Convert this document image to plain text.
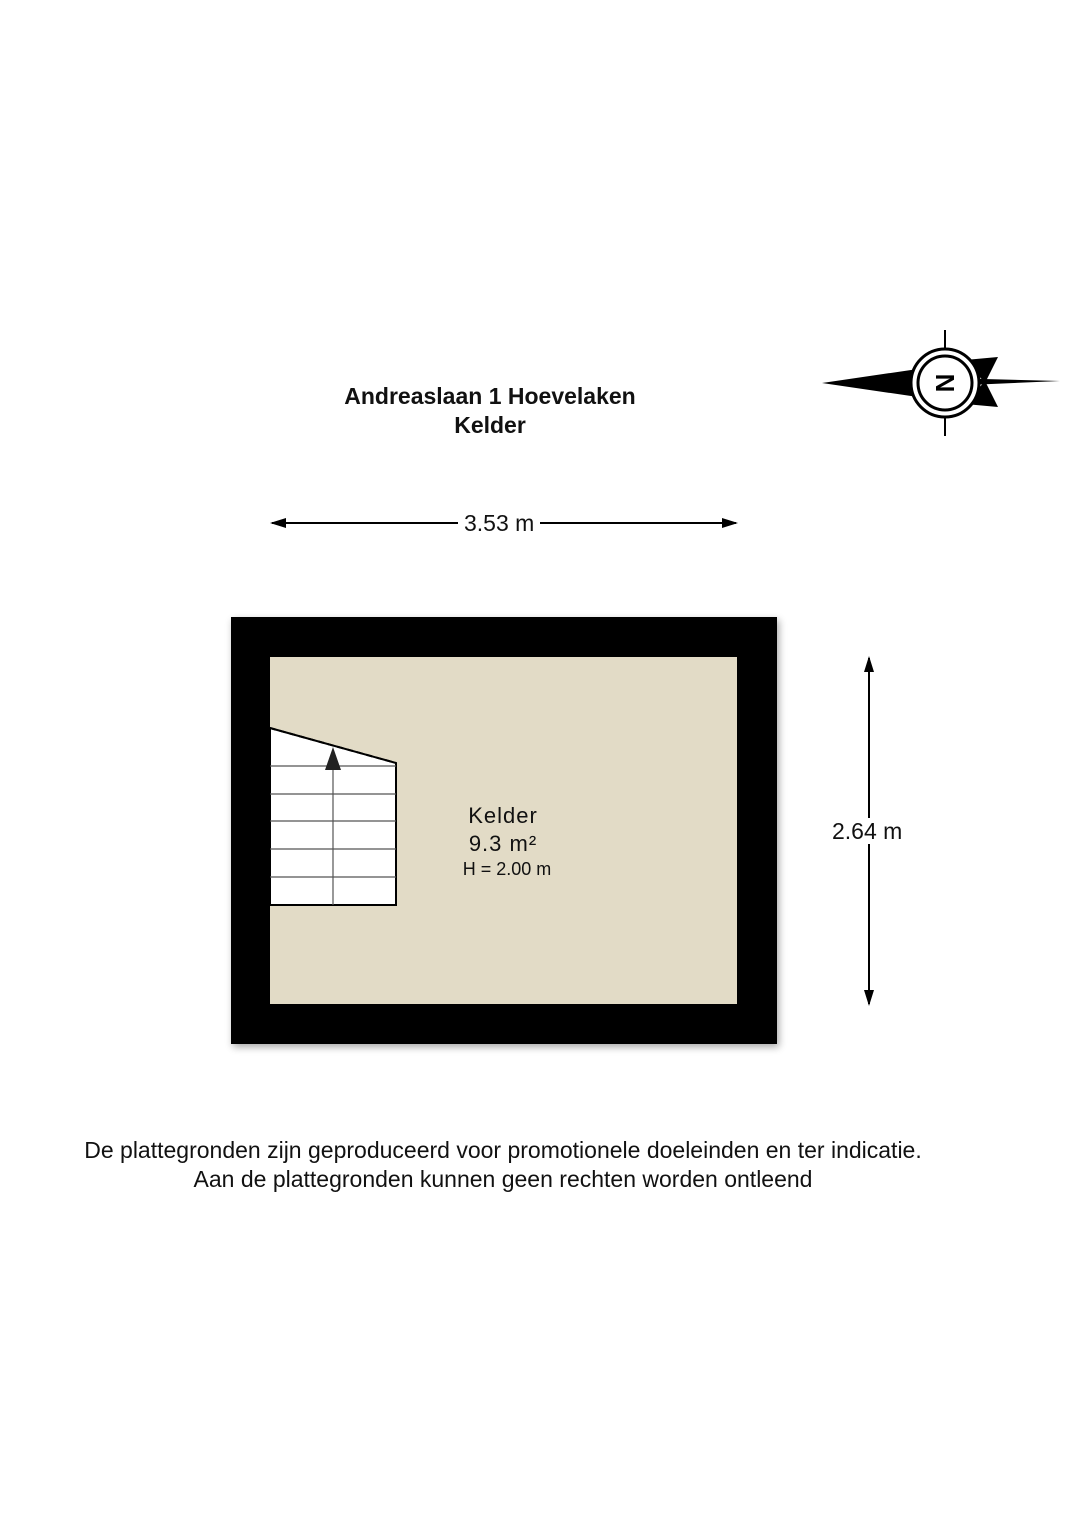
N
Andreaslaan 1 Hoevelaken
Kelder
3.53 m
2.64 m
Kelder
9.3 m²
H = 2.00 m
De plattegronden zijn geproduceerd voor promotionele doeleinden en ter indicatie.
Aan de plattegronden kunnen geen rechten worden ontleend
